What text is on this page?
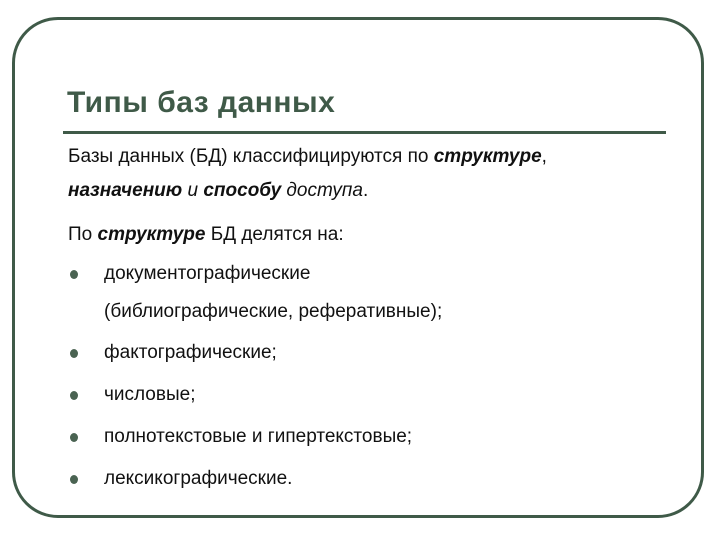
Типы баз данных
Базы данных (БД) классифицируются по структуре,
назначению и способу доступа.
По структуре БД делятся на:
документографические
(библиографические, реферативные);
фактографические;
числовые;
полнотекстовые и гипертекстовые;
лексикографические.
